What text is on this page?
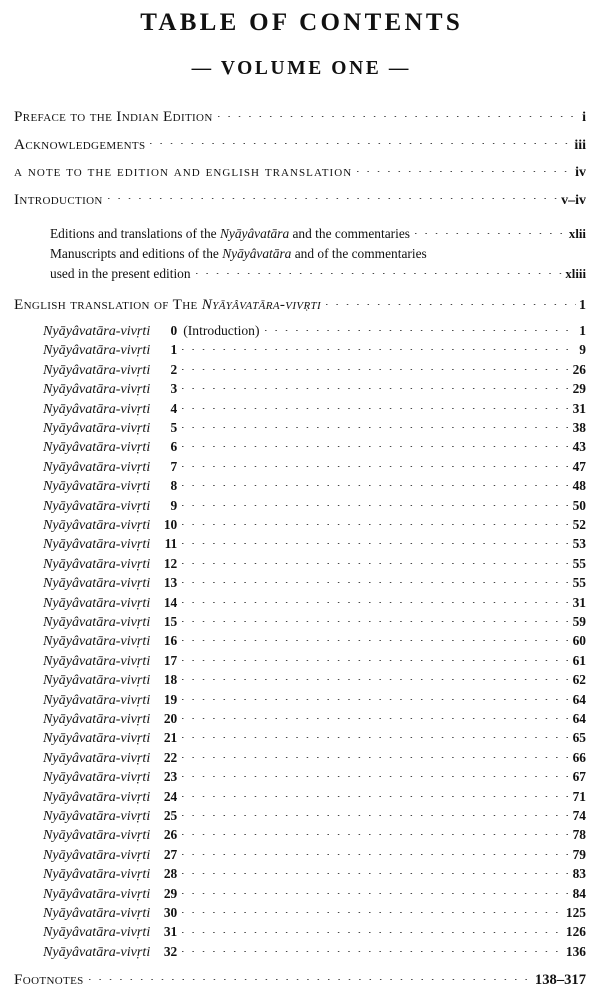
TABLE OF CONTENTS
— VOLUME ONE —
Preface to the Indian Edition	i
Acknowledgements	iii
a note to the edition and english translation	iv
Introduction	v–iv
Editions and translations of the Nyāyâvatāra and the commentaries	xlii
Manuscripts and editions of the Nyāyâvatāra and of the commentaries
used in the present edition	xliii
English translation of The Nyāyâvatāra-vivṛti	1
Nyāyâvatāra-vivṛti	0 (Introduction)	1
Nyāyâvatāra-vivṛti	1	9
Nyāyâvatāra-vivṛti	2	26
Nyāyâvatāra-vivṛti	3	29
Nyāyâvatāra-vivṛti	4	31
Nyāyâvatāra-vivṛti	5	38
Nyāyâvatāra-vivṛti	6	43
Nyāyâvatāra-vivṛti	7	47
Nyāyâvatāra-vivṛti	8	48
Nyāyâvatāra-vivṛti	9	50
Nyāyâvatāra-vivṛti	10	52
Nyāyâvatāra-vivṛti	11	53
Nyāyâvatāra-vivṛti	12	55
Nyāyâvatāra-vivṛti	13	55
Nyāyâvatāra-vivṛti	14	31
Nyāyâvatāra-vivṛti	15	59
Nyāyâvatāra-vivṛti	16	60
Nyāyâvatāra-vivṛti	17	61
Nyāyâvatāra-vivṛti	18	62
Nyāyâvatāra-vivṛti	19	64
Nyāyâvatāra-vivṛti	20	64
Nyāyâvatāra-vivṛti	21	65
Nyāyâvatāra-vivṛti	22	66
Nyāyâvatāra-vivṛti	23	67
Nyāyâvatāra-vivṛti	24	71
Nyāyâvatāra-vivṛti	25	74
Nyāyâvatāra-vivṛti	26	78
Nyāyâvatāra-vivṛti	27	79
Nyāyâvatāra-vivṛti	28	83
Nyāyâvatāra-vivṛti	29	84
Nyāyâvatāra-vivṛti	30	125
Nyāyâvatāra-vivṛti	31	126
Nyāyâvatāra-vivṛti	32	136
Footnotes	138–317
